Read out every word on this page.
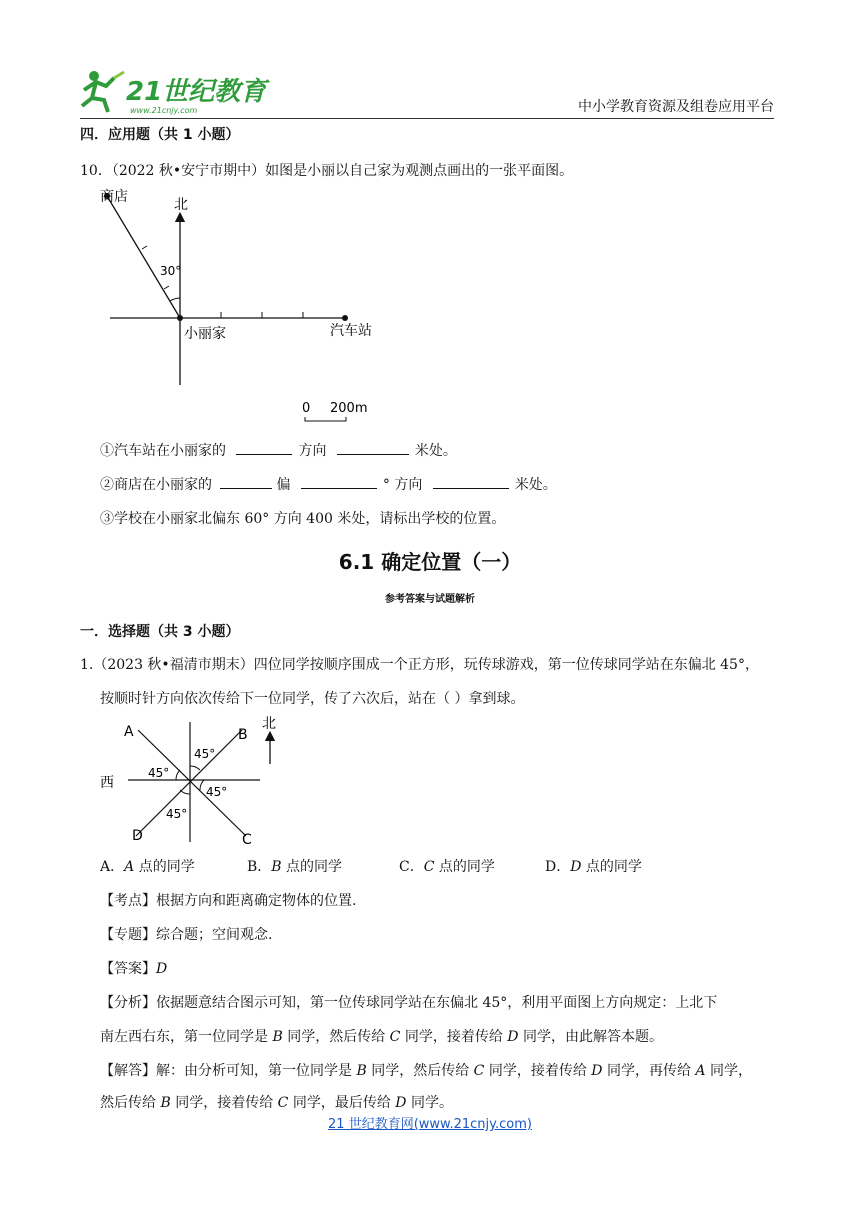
21世纪教育
www.21cnjy.com	中小学教育资源及组卷应用平台
四．应用题（共 1 小题）
10．（2022 秋•安宁市期中）如图是小丽以自己家为观测点画出的一张平面图。
商店	北
30°
小丽家	汽车站
0 200m
①汽车站在小丽家的	方向	米处。
②商店在小丽家的	偏	° 方向	米处。
③学校在小丽家北偏东 60° 方向 400 米处，请标出学校的位置。
6.1 确定位置（一）
参考答案与试题解析
一．选择题（共 3 小题）
1.（2023 秋•福清市期末）四位同学按顺序围成一个正方形，玩传球游戏，第一位传球同学站在东偏北 45°，
按顺时针方向依次传给下一位同学，传了六次后，站在（ ）拿到球。
A	B
C
D
西
45°
45°
45°
45°
北
A．A 点的同学	B．B 点的同学	C．C 点的同学	D．D 点的同学
【考点】根据方向和距离确定物体的位置.
【专题】综合题；空间观念.
【答案】D
【分析】依据题意结合图示可知，第一位传球同学站在东偏北 45°，利用平面图上方向规定：上北下
南左西右东，第一位同学是 B 同学，然后传给 C 同学，接着传给 D 同学，由此解答本题。
【解答】解：由分析可知，第一位同学是 B 同学，然后传给 C 同学，接着传给 D 同学，再传给 A 同学，
然后传给 B 同学，接着传给 C 同学，最后传给 D 同学。
21 世纪教育网(www.21cnjy.com)
